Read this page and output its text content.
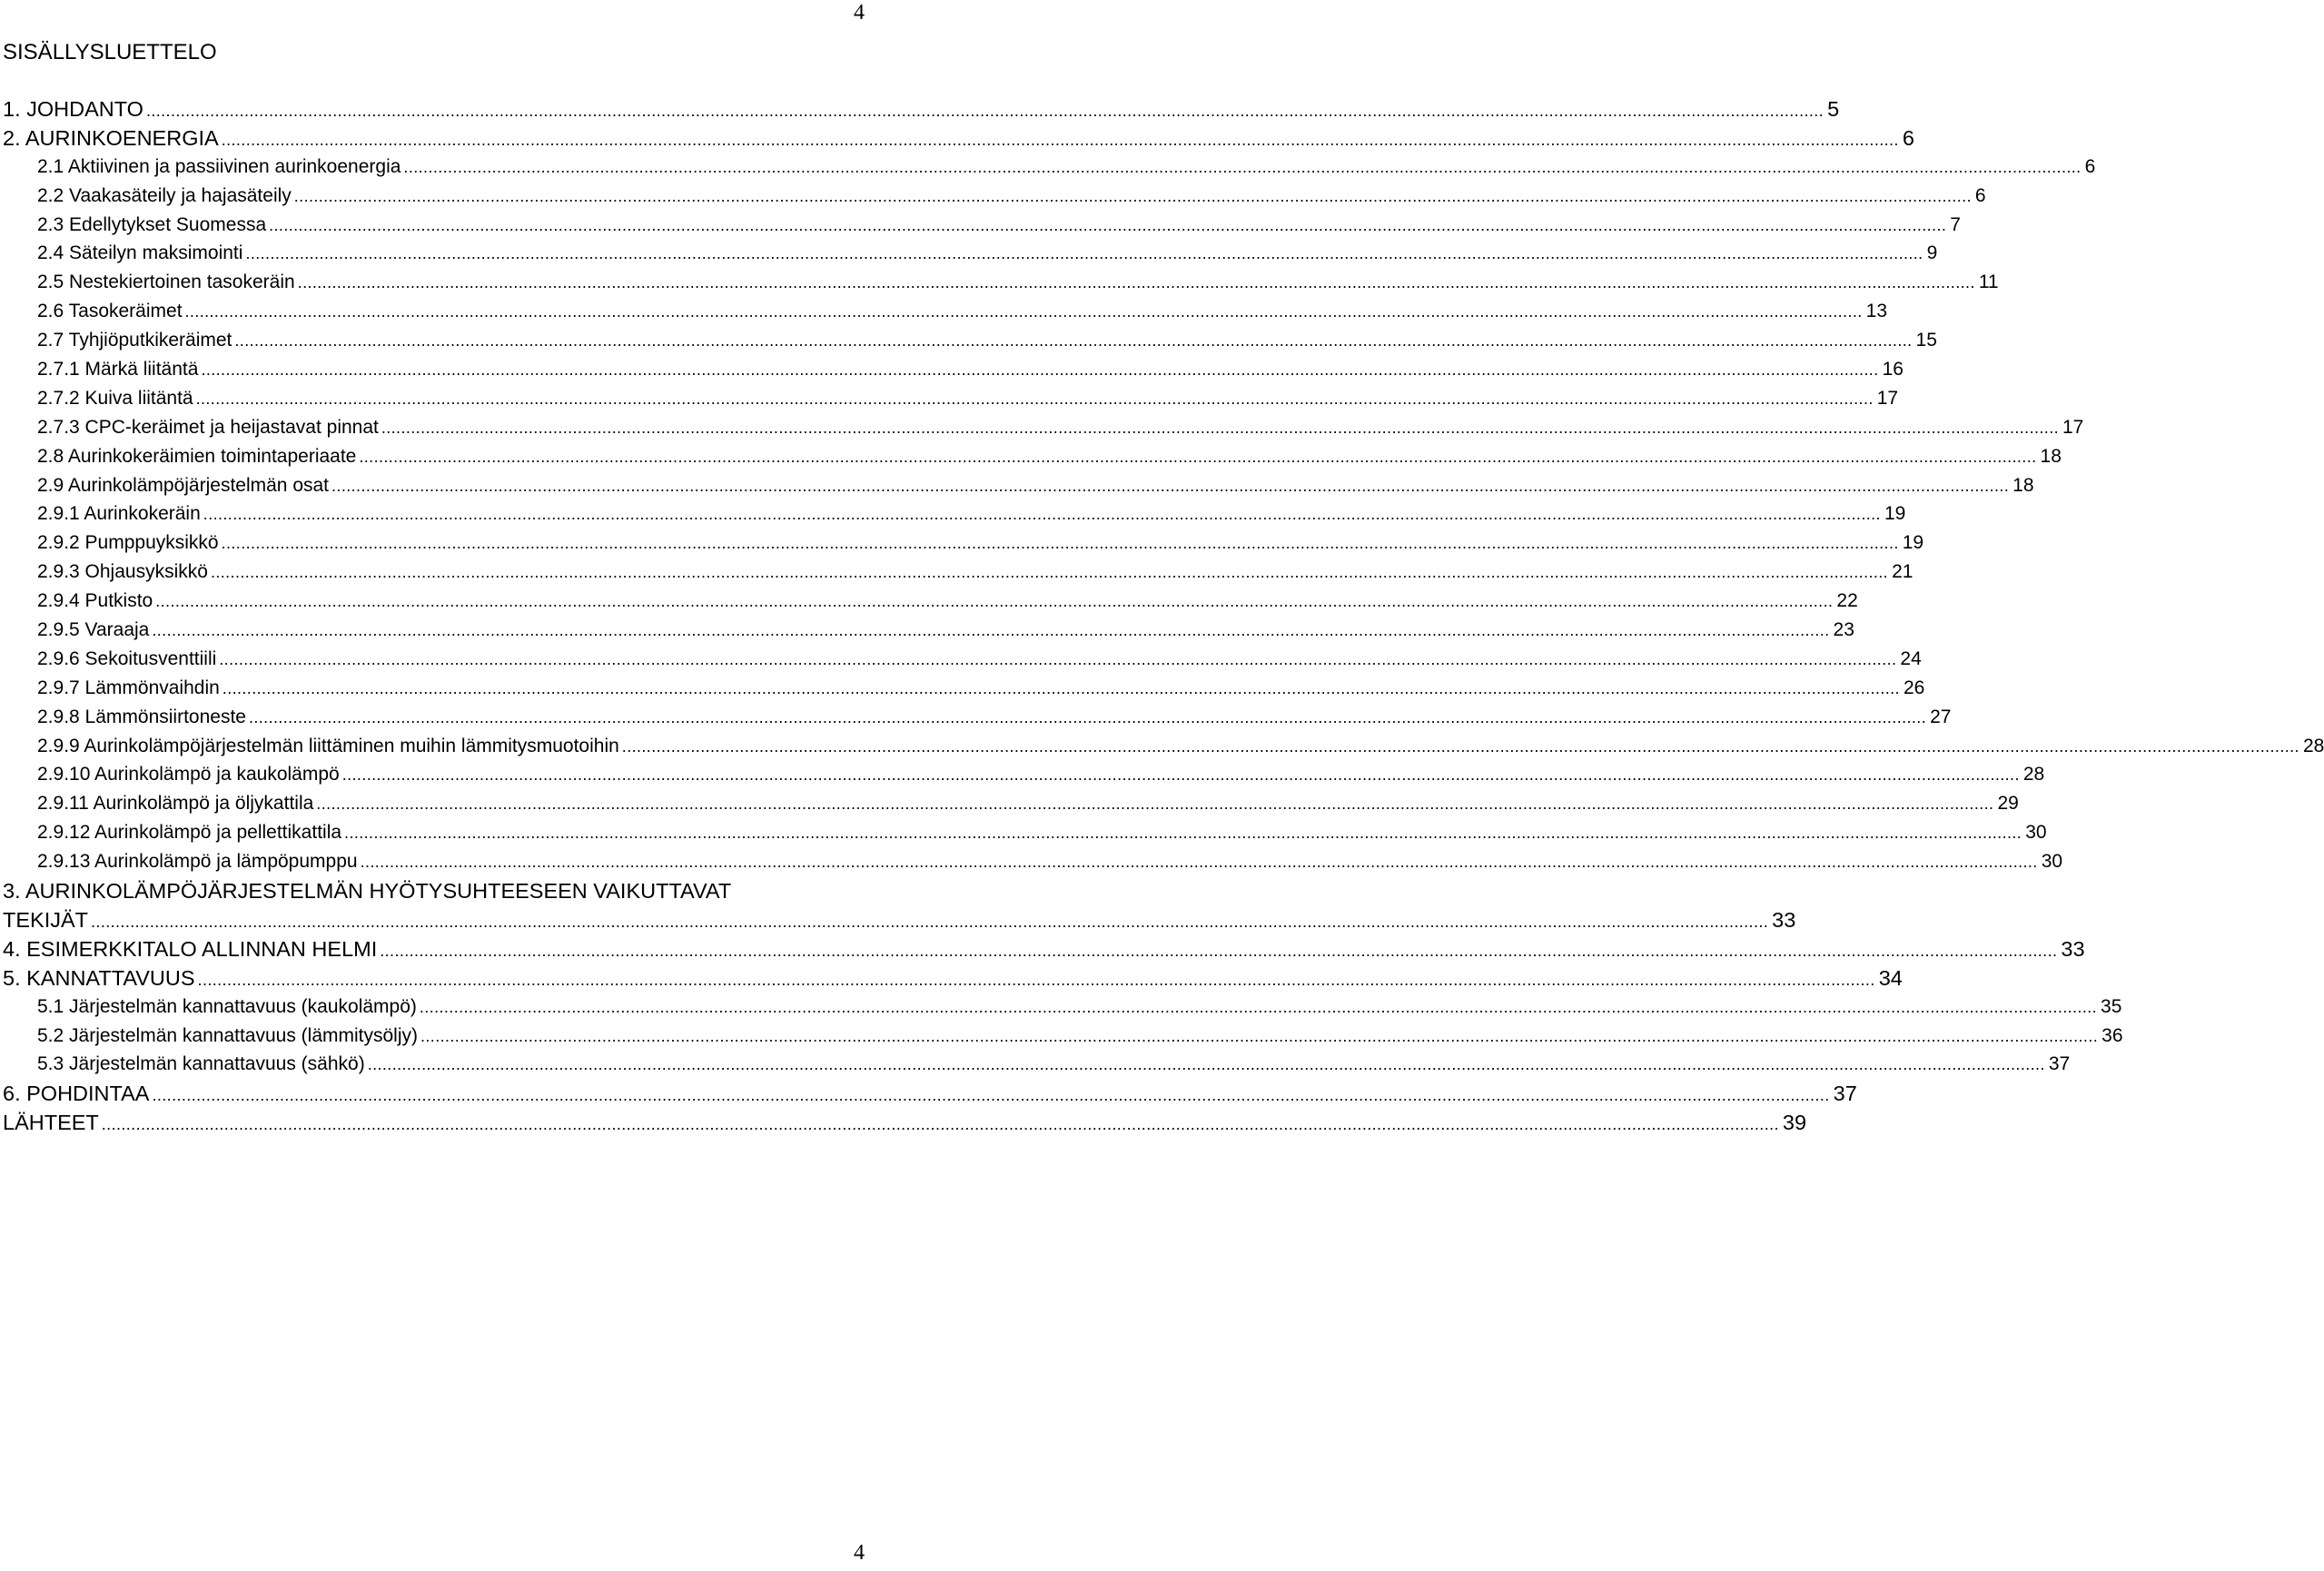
4
SISÄLLYSLUETTELO
1. JOHDANTO ...................................................................................................................................................................................................................................................................................................................................................... 5
2. AURINKOENERGIA ...................................................................................................................................................................................................................................................................................................................................................... 6
2.1 Aktiivinen ja passiivinen aurinkoenergia ...................................................................................................................................................................................................................................................................................................................................................... 6
2.2 Vaakasäteily ja hajasäteily ...................................................................................................................................................................................................................................................................................................................................................... 6
2.3 Edellytykset Suomessa ...................................................................................................................................................................................................................................................................................................................................................... 7
2.4 Säteilyn maksimointi ...................................................................................................................................................................................................................................................................................................................................................... 9
2.5 Nestekiertoinen tasokeräin ...................................................................................................................................................................................................................................................................................................................................................... 11
2.6 Tasokeräimet ...................................................................................................................................................................................................................................................................................................................................................... 13
2.7 Tyhjiöputkikeräimet ...................................................................................................................................................................................................................................................................................................................................................... 15
2.7.1 Märkä liitäntä ...................................................................................................................................................................................................................................................................................................................................................... 16
2.7.2 Kuiva liitäntä ...................................................................................................................................................................................................................................................................................................................................................... 17
2.7.3 CPC-keräimet ja heijastavat pinnat ...................................................................................................................................................................................................................................................................................................................................................... 17
2.8 Aurinkokeräimien toimintaperiaate ...................................................................................................................................................................................................................................................................................................................................................... 18
2.9 Aurinkolämpöjärjestelmän osat ...................................................................................................................................................................................................................................................................................................................................................... 18
2.9.1 Aurinkokeräin ...................................................................................................................................................................................................................................................................................................................................................... 19
2.9.2 Pumppuyksikkö ...................................................................................................................................................................................................................................................................................................................................................... 19
2.9.3 Ohjausyksikkö ...................................................................................................................................................................................................................................................................................................................................................... 21
2.9.4 Putkisto ...................................................................................................................................................................................................................................................................................................................................................... 22
2.9.5 Varaaja ...................................................................................................................................................................................................................................................................................................................................................... 23
2.9.6 Sekoitusventtiili ...................................................................................................................................................................................................................................................................................................................................................... 24
2.9.7 Lämmönvaihdin ...................................................................................................................................................................................................................................................................................................................................................... 26
2.9.8 Lämmönsiirtoneste ...................................................................................................................................................................................................................................................................................................................................................... 27
2.9.9 Aurinkolämpöjärjestelmän liittäminen muihin lämmitysmuotoihin ...................................................................................................................................................................................................................................................................................................................................................... 28
2.9.10 Aurinkolämpö ja kaukolämpö ...................................................................................................................................................................................................................................................................................................................................................... 28
2.9.11 Aurinkolämpö ja öljykattila ...................................................................................................................................................................................................................................................................................................................................................... 29
2.9.12 Aurinkolämpö ja pellettikattila ...................................................................................................................................................................................................................................................................................................................................................... 30
2.9.13 Aurinkolämpö ja lämpöpumppu ...................................................................................................................................................................................................................................................................................................................................................... 30
3. AURINKOLÄMPÖJÄRJESTELMÄN HYÖTYSUHTEESEEN VAIKUTTAVAT
TEKIJÄT ...................................................................................................................................................................................................................................................................................................................................................... 33
4. ESIMERKKITALO ALLINNAN HELMI ...................................................................................................................................................................................................................................................................................................................................................... 33
5. KANNATTAVUUS ...................................................................................................................................................................................................................................................................................................................................................... 34
5.1 Järjestelmän kannattavuus (kaukolämpö) ...................................................................................................................................................................................................................................................................................................................................................... 35
5.2 Järjestelmän kannattavuus (lämmitysöljy) ...................................................................................................................................................................................................................................................................................................................................................... 36
5.3 Järjestelmän kannattavuus (sähkö) ...................................................................................................................................................................................................................................................................................................................................................... 37
6. POHDINTAA ...................................................................................................................................................................................................................................................................................................................................................... 37
LÄHTEET ...................................................................................................................................................................................................................................................................................................................................................... 39
4
